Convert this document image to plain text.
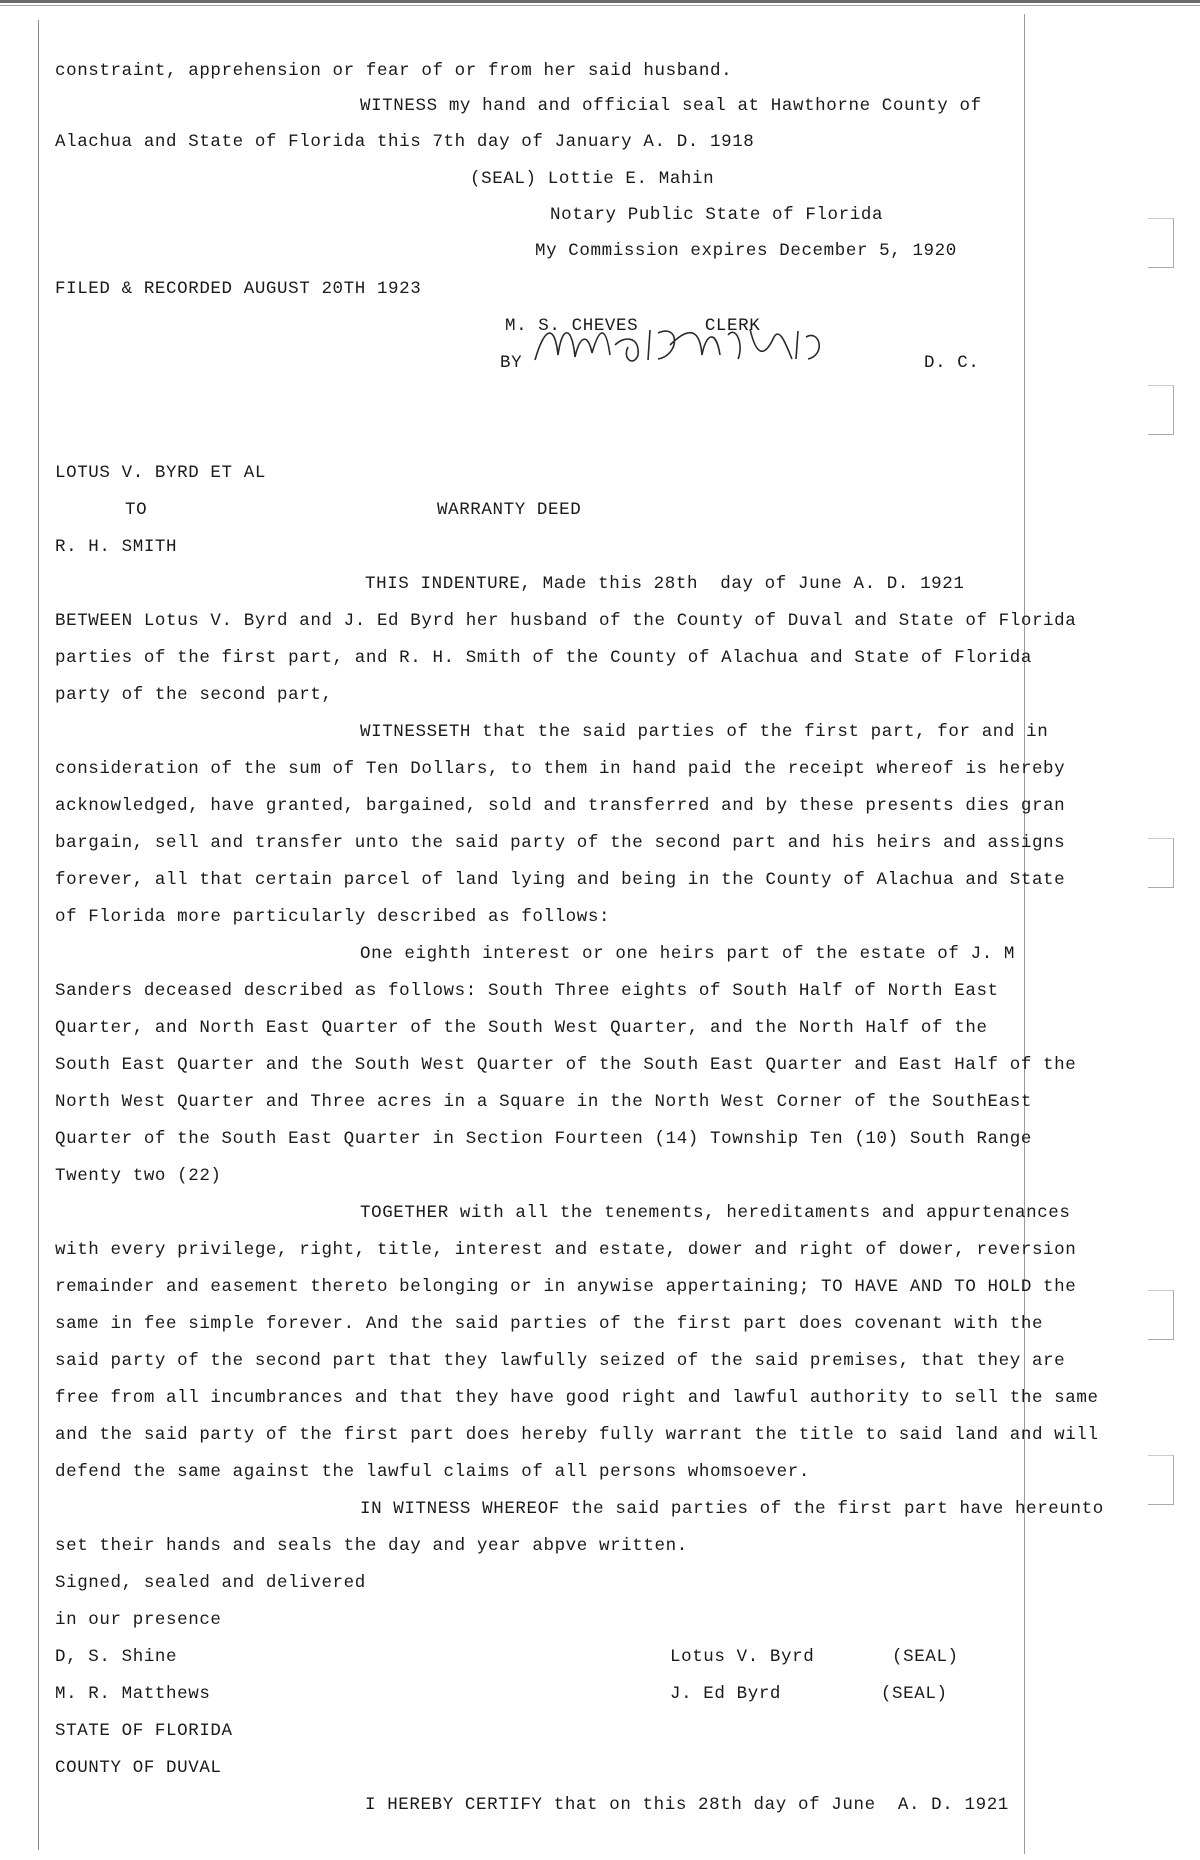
constraint, apprehension or fear of or from her said husband.
WITNESS my hand and official seal at Hawthorne County of
Alachua and State of Florida this 7th day of January A. D. 1918
(SEAL) Lottie E. Mahin
Notary Public State of Florida
My Commission expires December 5, 1920
FILED & RECORDED AUGUST 20TH 1923
M. S. CHEVES      CLERK
BY	D. C.
LOTUS V. BYRD ET AL
TO	WARRANTY DEED
R. H. SMITH
THIS INDENTURE, Made this 28th  day of June A. D. 1921
BETWEEN Lotus V. Byrd and J. Ed Byrd her husband of the County of Duval and State of Florida
parties of the first part, and R. H. Smith of the County of Alachua and State of Florida
party of the second part,
WITNESSETH that the said parties of the first part, for and in
consideration of the sum of Ten Dollars, to them in hand paid the receipt whereof is hereby
acknowledged, have granted, bargained, sold and transferred and by these presents dies gran
bargain, sell and transfer unto the said party of the second part and his heirs and assigns
forever, all that certain parcel of land lying and being in the County of Alachua and State
of Florida more particularly described as follows:
One eighth interest or one heirs part of the estate of J. M
Sanders deceased described as follows: South Three eights of South Half of North East
Quarter, and North East Quarter of the South West Quarter, and the North Half of the
South East Quarter and the South West Quarter of the South East Quarter and East Half of the
North West Quarter and Three acres in a Square in the North West Corner of the SouthEast
Quarter of the South East Quarter in Section Fourteen (14) Township Ten (10) South Range
Twenty two (22)
TOGETHER with all the tenements, hereditaments and appurtenances
with every privilege, right, title, interest and estate, dower and right of dower, reversion
remainder and easement thereto belonging or in anywise appertaining; TO HAVE AND TO HOLD the
same in fee simple forever. And the said parties of the first part does covenant with the
said party of the second part that they lawfully seized of the said premises, that they are
free from all incumbrances and that they have good right and lawful authority to sell the same
and the said party of the first part does hereby fully warrant the title to said land and will
defend the same against the lawful claims of all persons whomsoever.
IN WITNESS WHEREOF the said parties of the first part have hereunto
set their hands and seals the day and year abpve written.
Signed, sealed and delivered
in our presence
D, S. Shine	Lotus V. Byrd       (SEAL)
M. R. Matthews	J. Ed Byrd         (SEAL)
STATE OF FLORIDA
COUNTY OF DUVAL
I HEREBY CERTIFY that on this 28th day of June  A. D. 1921
